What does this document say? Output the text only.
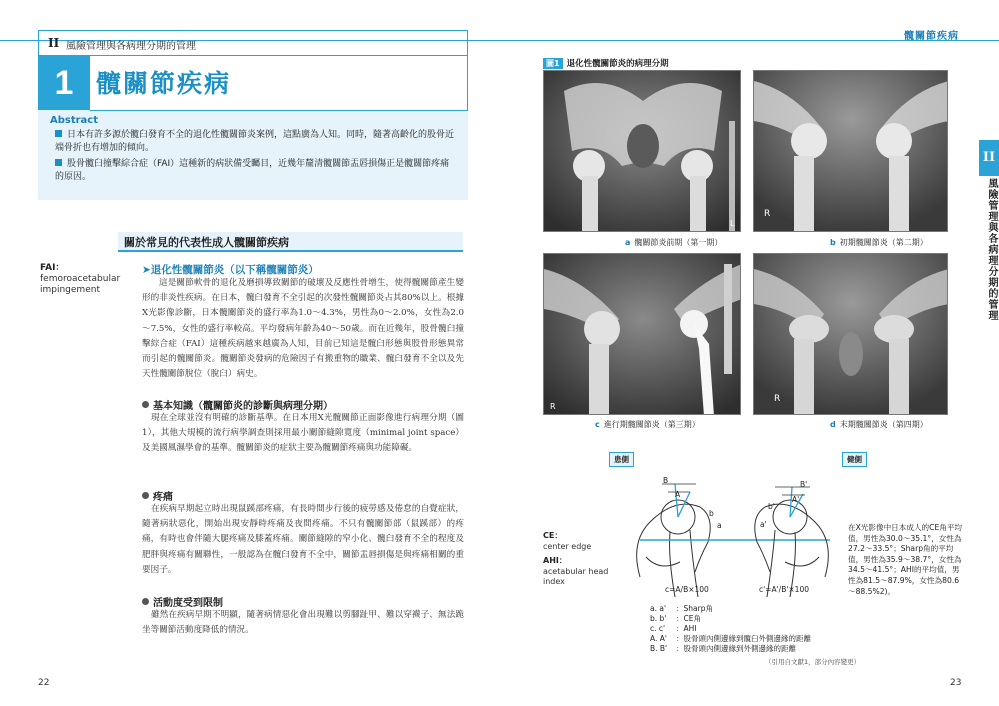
髖關節疾病
II 風險管理與各病理分期的管理
1 髖關節疾病
Abstract
日本有許多源於髖臼發育不全的退化性髖關節炎案例，這點廣為人知。同時，隨著高齡化的股骨近端骨折也有增加的傾向。
股骨髖臼撞擊綜合症（FAI）這種新的病狀備受矚目，近幾年釐清髖關節盂唇損傷正是髖關節疼痛的原因。
關於常見的代表性成人髖關節疾病
FAI：
femoroacetabular impingement
➤退化性髖關節炎（以下稱髖關節炎）
這是關節軟骨的退化及磨損導致關節的破壞及反應性骨增生，使得髖關節產生變形的非炎性疾病。在日本，髖臼發育不全引起的次發性髖關節炎占其80%以上。根據X光影像診斷，日本髖關節炎的盛行率為1.0～4.3%，男性為0～2.0%，女性為2.0～7.5%，女性的盛行率較高。平均發病年齡為40～50歲。而在近幾年，股骨髖臼撞擊綜合症（FAI）這種疾病越來越廣為人知，目前已知這是髖臼形態與股骨形態異常而引起的髖關節炎。髖關節炎發病的危險因子有搬重物的職業、髖臼發育不全以及先天性髖關節脫位（脫臼）病史。
基本知識（髖關節炎的診斷與病理分期）
現在全球並沒有明確的診斷基準。在日本用X光髖關節正面影像進行病理分期（圖1），其他大規模的流行病學調查則採用最小關節縫隙寬度（minimal joint space）及美國風濕學會的基準。髖關節炎的症狀主要為髖關節疼痛與功能障礙。
疼痛
在疾病早期起立時出現鼠蹊部疼痛，有長時間步行後的疲勞感及倦怠的自覺症狀，隨著病狀惡化，開始出現安靜時疼痛及夜間疼痛。不只有髖關節部（鼠蹊部）的疼痛，有時也會伴隨大腿疼痛及膝蓋疼痛。關節縫隙的窄小化、髖臼發育不全的程度及肥胖與疼痛有關聯性，一般認為在髖臼發育不全中，關節盂唇損傷是與疼痛相關的重要因子。
活動度受到限制
雖然在疾病早期不明顯，隨著病情惡化會出現難以剪腳趾甲、難以穿襪子、無法跪坐等關節活動度降低的情況。
22
圖1 退化性髖關節炎的病理分期
L
a 髖關節炎前期（第一期）
R
b 初期髖關節炎（第二期）
R
c 進行期髖關節炎（第三期）
R
d 末期髖關節炎（第四期）
II
風險管理與各病理分期的管理
患側	健側
B
A
b
a
B'
A'
b'
a'
c=A/B×100	c'=A'/B'×100
CE：
center edge
AHI：
acetabular head index
a. a' ：Sharp角
b. b' ：CE角
c. c' ：AHI
A. A' ：股骨頭內側邊緣到髖臼外側邊緣的距離
B. B' ：股骨頭內側邊緣到外側邊緣的距離
（引用自文獻1，部分內容變更）
在X光影像中日本成人的CE角平均值，男性為30.0～35.1°，女性為27.2～33.5°；Sharp角的平均值，男性為35.9～38.7°，女性為34.5～41.5°；AHI的平均值，男性為81.5～87.9%，女性為80.6～88.5%2)。
23
